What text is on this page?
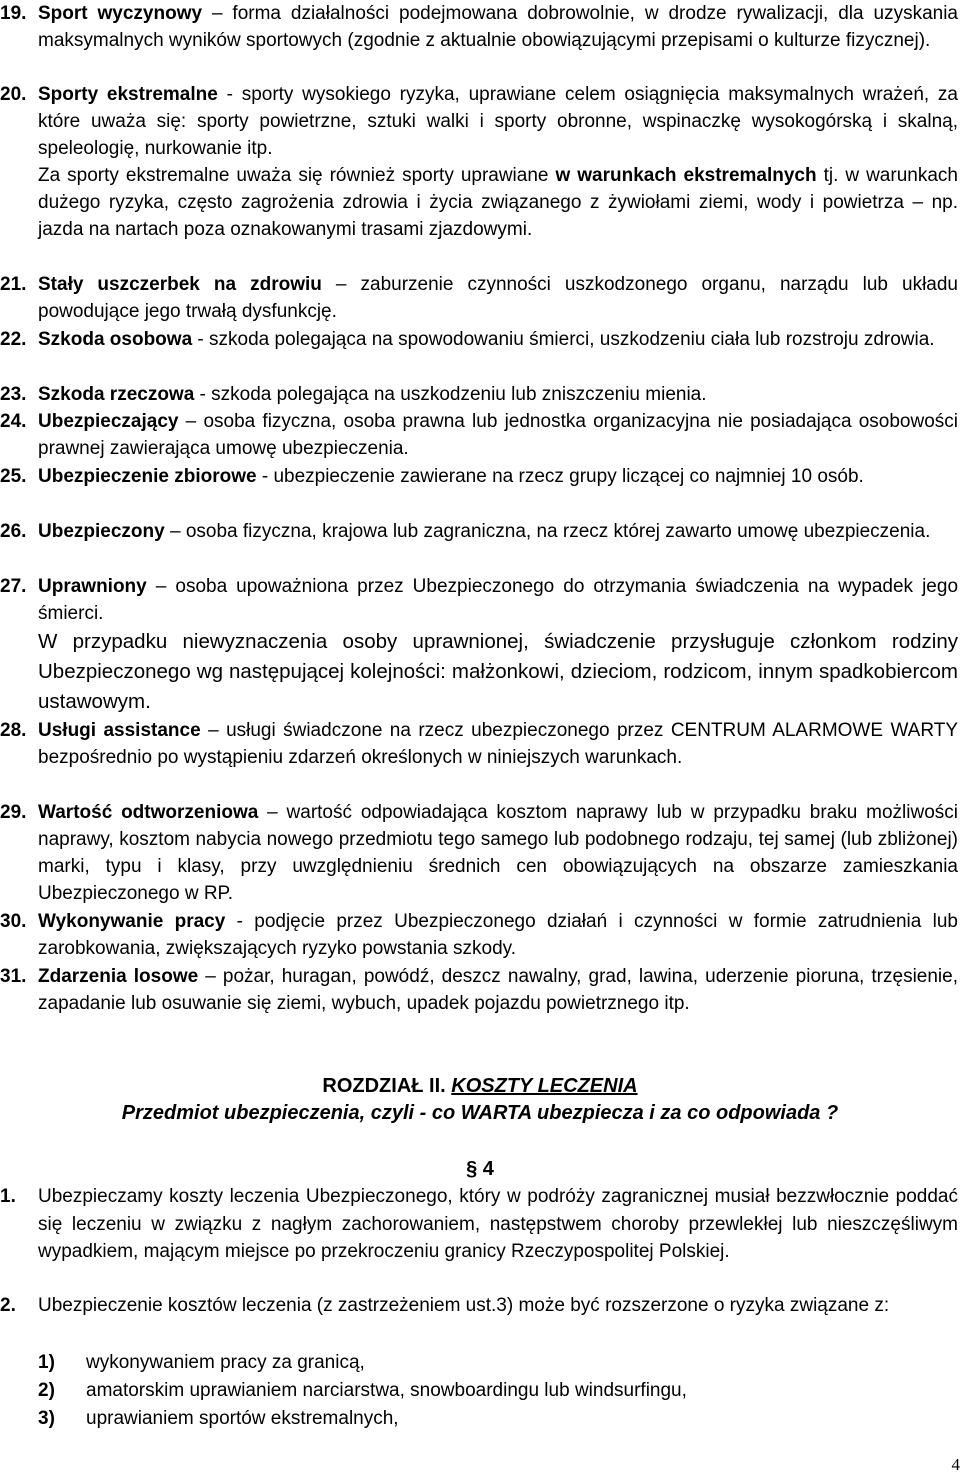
19. Sport wyczynowy – forma działalności podejmowana dobrowolnie, w drodze rywalizacji, dla uzyskania maksymalnych wyników sportowych (zgodnie z aktualnie obowiązującymi przepisami o kulturze fizycznej).
20. Sporty ekstremalne - sporty wysokiego ryzyka, uprawiane celem osiągnięcia maksymalnych wrażeń, za które uważa się: sporty powietrzne, sztuki walki i sporty obronne, wspinaczkę wysokogórską i skalną, speleologię, nurkowanie itp.
Za sporty ekstremalne uważa się również sporty uprawiane w warunkach ekstremalnych tj. w warunkach dużego ryzyka, często zagrożenia zdrowia i życia związanego z żywiołami ziemi, wody i powietrza – np. jazda na nartach poza oznakowanymi trasami zjazdowymi.
21. Stały uszczerbek na zdrowiu – zaburzenie czynności uszkodzonego organu, narządu lub układu powodujące jego trwałą dysfunkcję.
22. Szkoda osobowa - szkoda polegająca na spowodowaniu śmierci, uszkodzeniu ciała lub rozstroju zdrowia.
23. Szkoda rzeczowa - szkoda polegająca na uszkodzeniu lub zniszczeniu mienia.
24. Ubezpieczający – osoba fizyczna, osoba prawna lub jednostka organizacyjna nie posiadająca osobowości prawnej zawierająca umowę ubezpieczenia.
25. Ubezpieczenie zbiorowe - ubezpieczenie zawierane na rzecz grupy liczącej co najmniej 10 osób.
26. Ubezpieczony – osoba fizyczna, krajowa lub zagraniczna, na rzecz której zawarto umowę ubezpieczenia.
27. Uprawniony – osoba upoważniona przez Ubezpieczonego do otrzymania świadczenia na wypadek jego śmierci.
W przypadku niewyznaczenia osoby uprawnionej, świadczenie przysługuje członkom rodziny Ubezpieczonego wg następującej kolejności: małżonkowi, dzieciom, rodzicom, innym spadkobiercom ustawowym.
28. Usługi assistance – usługi świadczone na rzecz ubezpieczonego przez CENTRUM ALARMOWE WARTY bezpośrednio po wystąpieniu zdarzeń określonych w niniejszych warunkach.
29. Wartość odtworzeniowa – wartość odpowiadająca kosztom naprawy lub w przypadku braku możliwości naprawy, kosztom nabycia nowego przedmiotu tego samego lub podobnego rodzaju, tej samej (lub zbliżonej) marki, typu i klasy, przy uwzględnieniu średnich cen obowiązujących na obszarze zamieszkania Ubezpieczonego w RP.
30. Wykonywanie pracy - podjęcie przez Ubezpieczonego działań i czynności w formie zatrudnienia lub zarobkowania, zwiększających ryzyko powstania szkody.
31. Zdarzenia losowe – pożar, huragan, powódź, deszcz nawalny, grad, lawina, uderzenie pioruna, trzęsienie, zapadanie lub osuwanie się ziemi, wybuch, upadek pojazdu powietrznego itp.
ROZDZIAŁ II. KOSZTY LECZENIA
Przedmiot ubezpieczenia, czyli - co WARTA ubezpiecza i za co odpowiada ?
§ 4
1. Ubezpieczamy koszty leczenia Ubezpieczonego, który w podróży zagranicznej musiał bezzwłocznie poddać się leczeniu w związku z nagłym zachorowaniem, następstwem choroby przewlekłej lub nieszczęśliwym wypadkiem, mającym miejsce po przekroczeniu granicy Rzeczypospolitej Polskiej.
2. Ubezpieczenie kosztów leczenia (z zastrzeżeniem ust.3) może być rozszerzone o ryzyka związane z:
1) wykonywaniem pracy za granicą,
2) amatorskim uprawianiem narciarstwa, snowboardingu lub windsurfingu,
3) uprawianiem sportów ekstremalnych,
4
